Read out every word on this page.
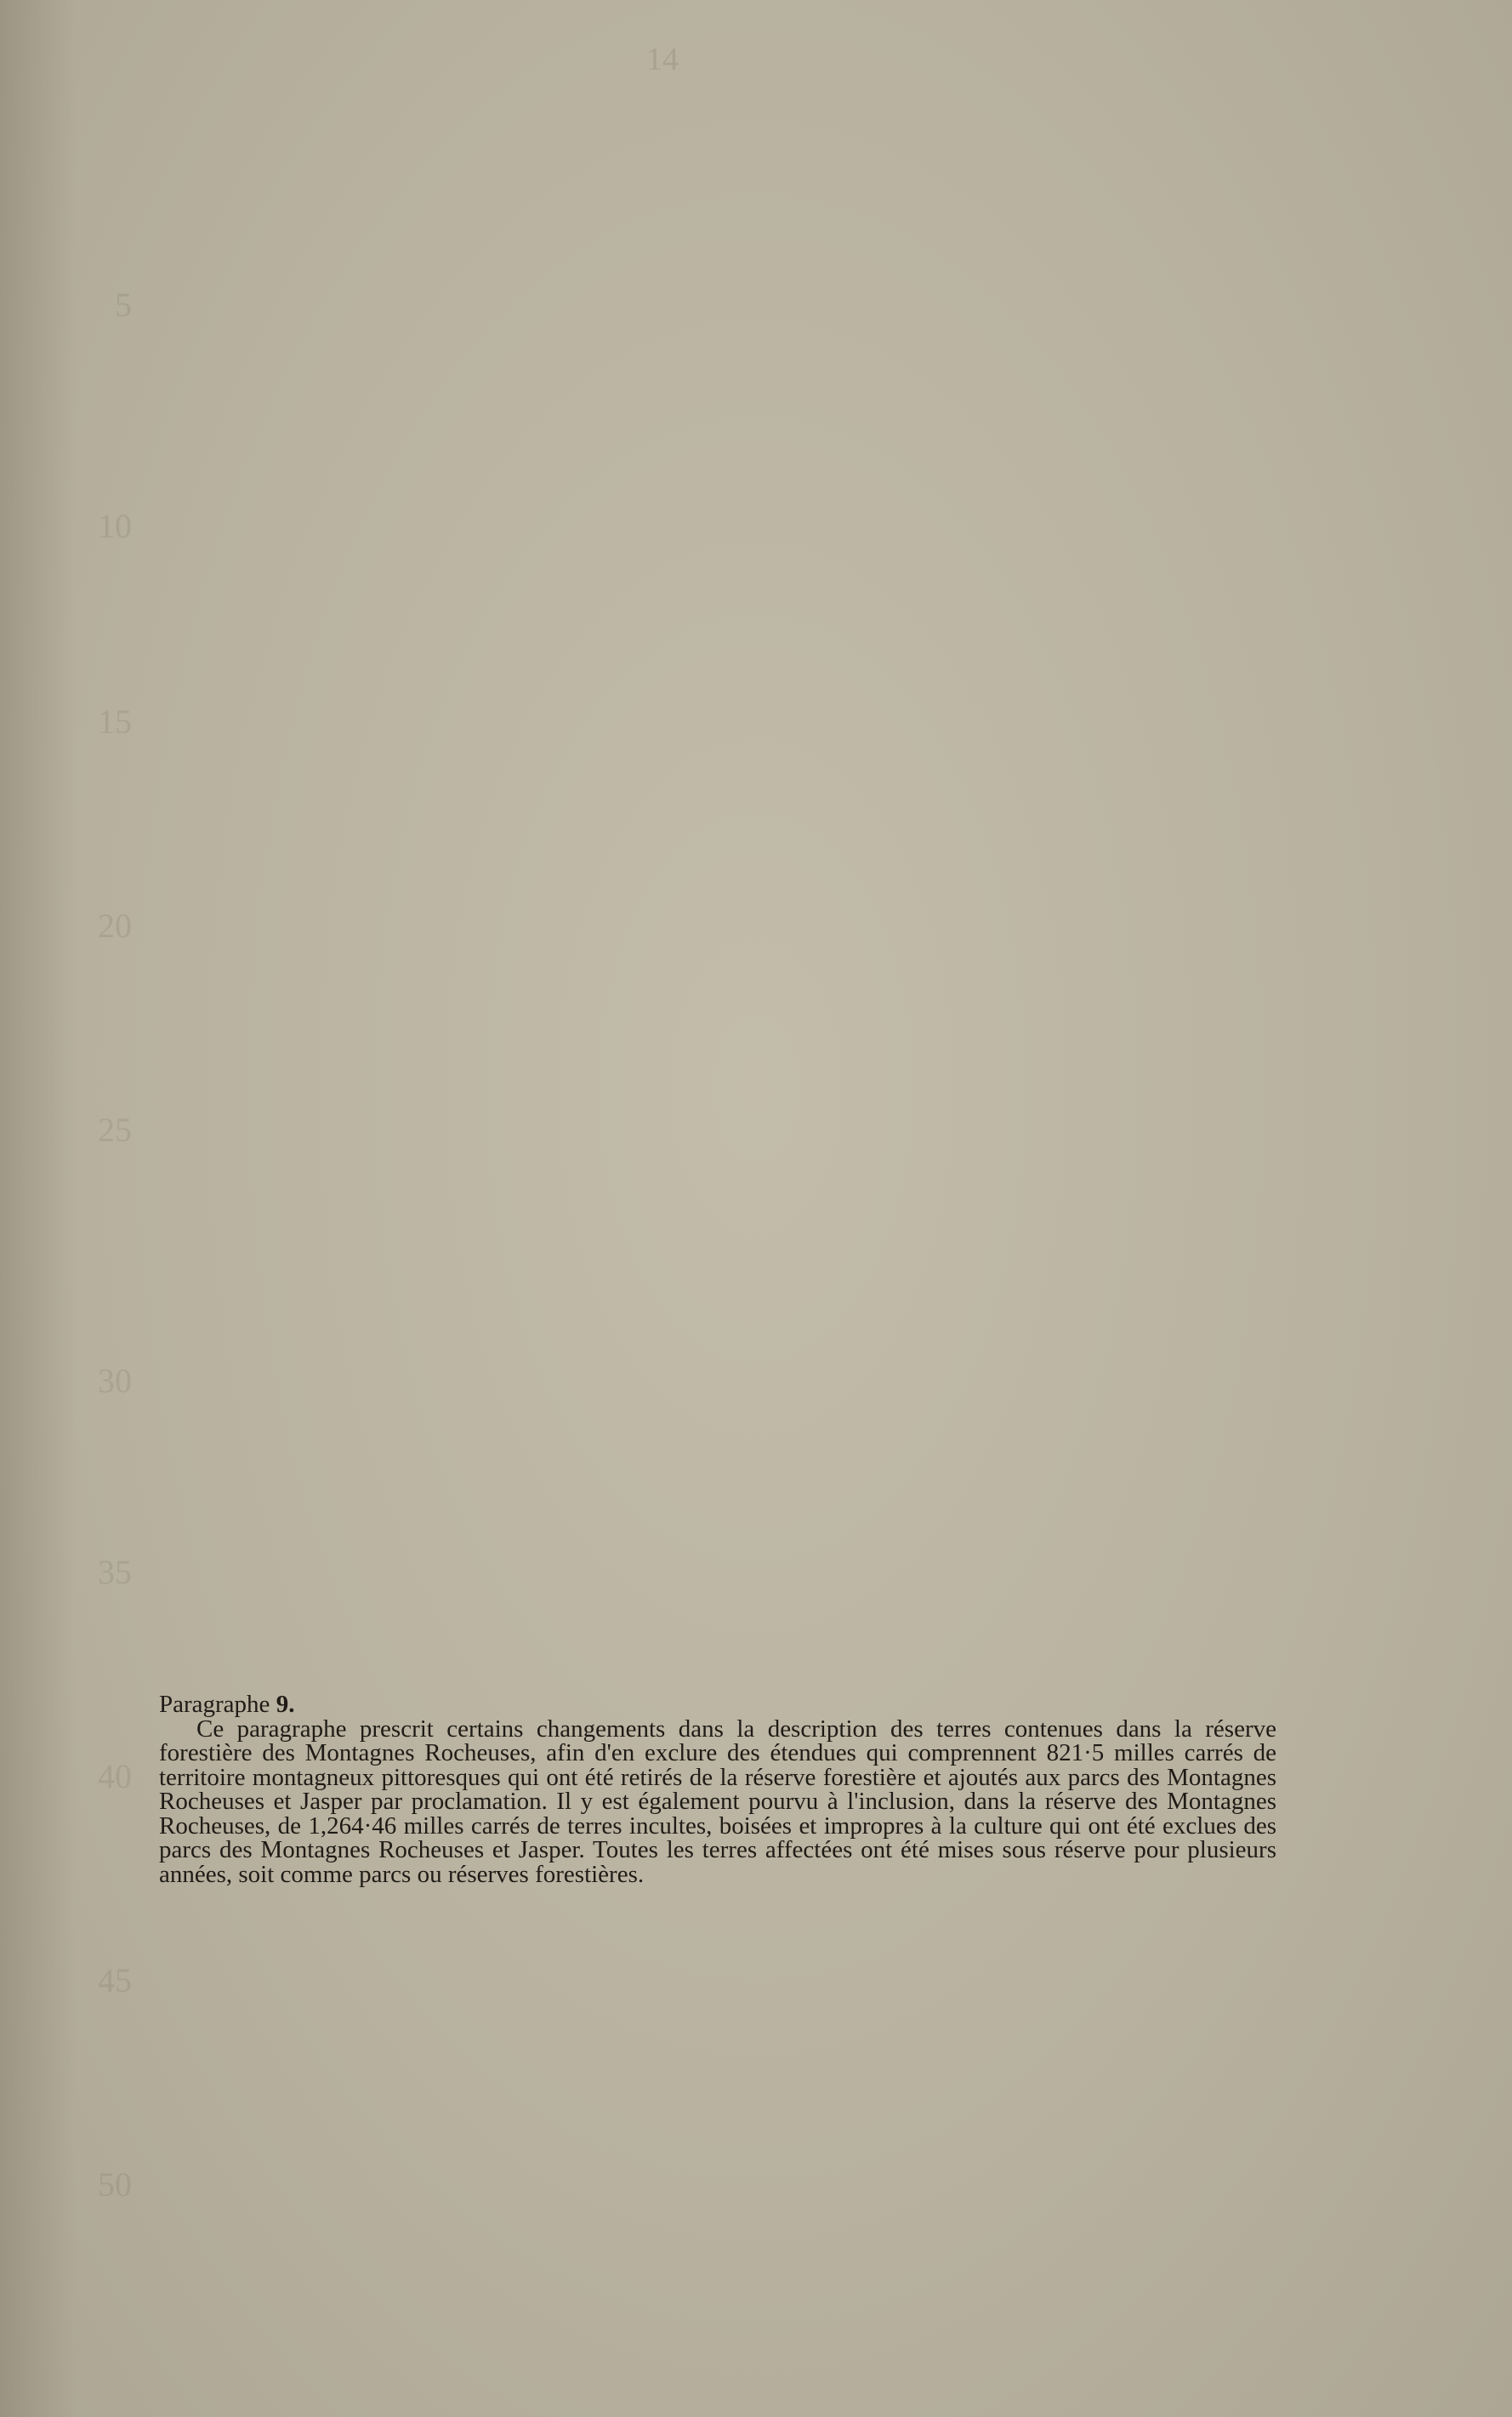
14
5
10
15
20
25
30
35
40
45
50

Paragraphe 9.

Ce paragraphe prescrit certains changements dans la description des terres contenues dans la réserve forestière des Montagnes Rocheuses, afin d'en exclure des étendues qui comprennent 821·5 milles carrés de territoire montagneux pittoresques qui ont été retirés de la réserve forestière et ajoutés aux parcs des Montagnes Rocheuses et Jasper par proclamation. Il y est également pourvu à l'inclusion, dans la réserve des Montagnes Rocheuses, de 1,264·46 milles carrés de terres incultes, boisées et impropres à la culture qui ont été exclues des parcs des Montagnes Rocheuses et Jasper. Toutes les terres affectées ont été mises sous réserve pour plusieurs années, soit comme parcs ou réserves forestières.
